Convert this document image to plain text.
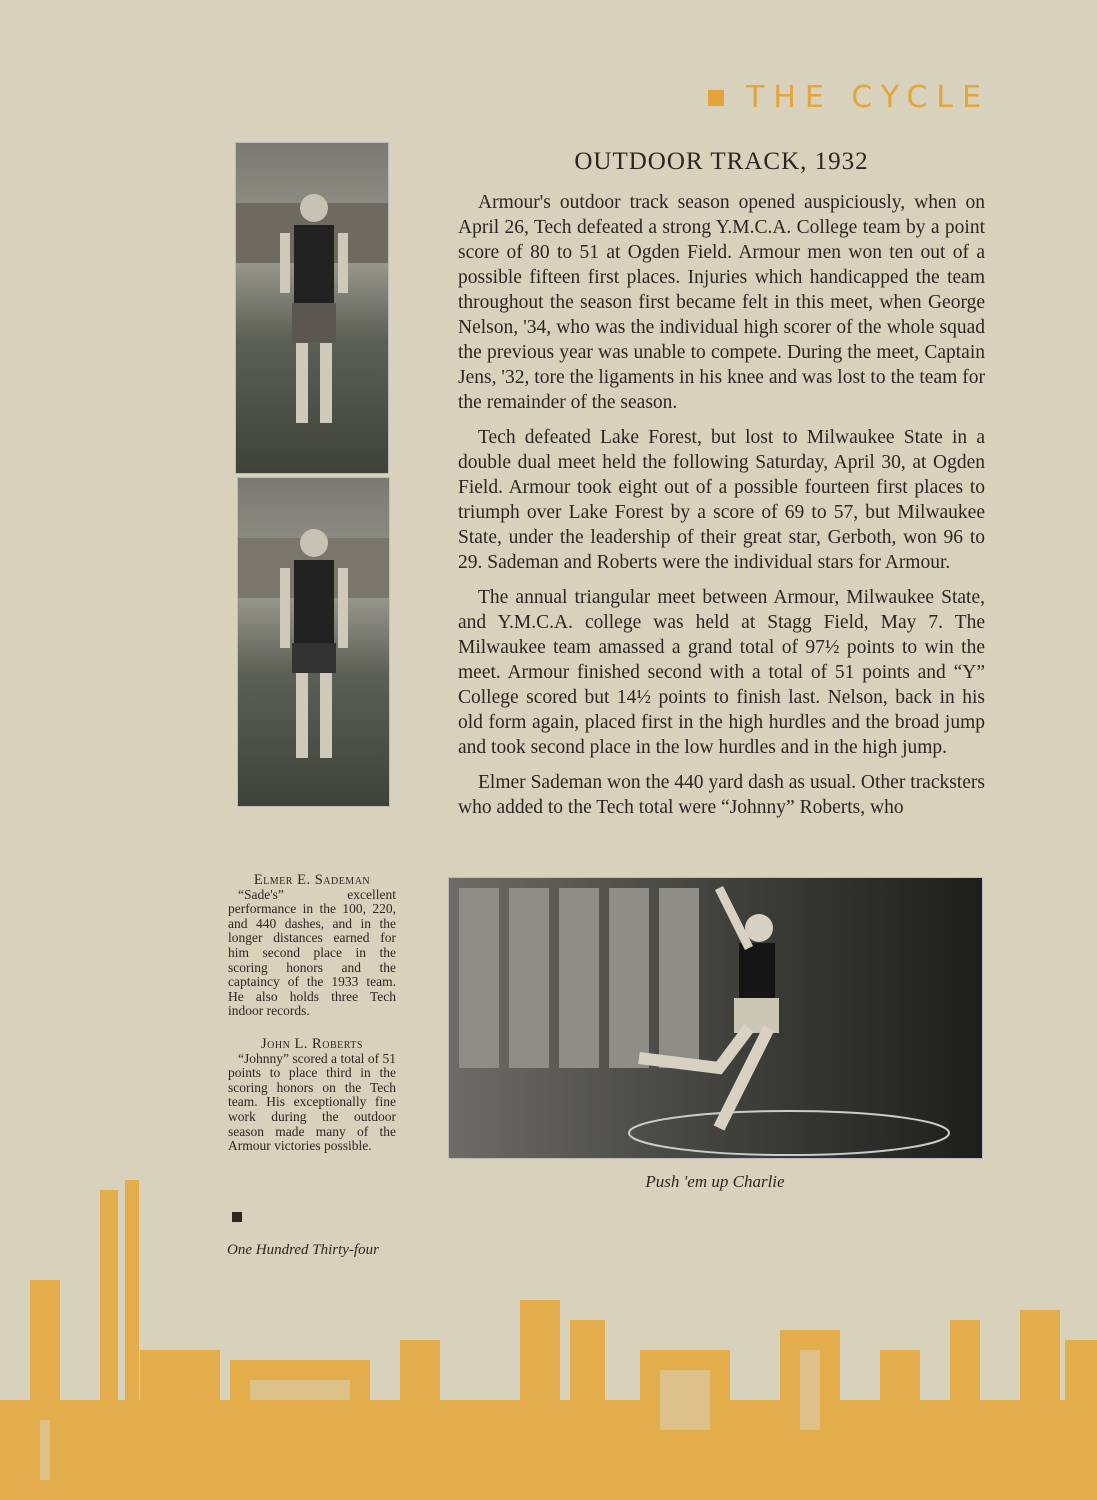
THE CYCLE
OUTDOOR TRACK, 1932

Armour's outdoor track season opened auspiciously, when on April 26, Tech defeated a strong Y.M.C.A. College team by a point score of 80 to 51 at Ogden Field. Armour men won ten out of a possible fifteen first places. Injuries which handicapped the team throughout the season first became felt in this meet, when George Nelson, '34, who was the individual high scorer of the whole squad the previous year was unable to compete. During the meet, Captain Jens, '32, tore the ligaments in his knee and was lost to the team for the remainder of the season.

Tech defeated Lake Forest, but lost to Milwaukee State in a double dual meet held the following Saturday, April 30, at Ogden Field. Armour took eight out of a possible fourteen first places to triumph over Lake Forest by a score of 69 to 57, but Milwaukee State, under the leadership of their great star, Gerboth, won 96 to 29. Sademan and Roberts were the individual stars for Armour.

The annual triangular meet between Armour, Milwaukee State, and Y.M.C.A. college was held at Stagg Field, May 7. The Milwaukee team amassed a grand total of 97½ points to win the meet. Armour finished second with a total of 51 points and “Y” College scored but 14½ points to finish last. Nelson, back in his old form again, placed first in the high hurdles and the broad jump and took second place in the low hurdles and in the high jump.

Elmer Sademan won the 440 yard dash as usual. Other tracksters who added to the Tech total were “Johnny” Roberts, who

Elmer E. Sademan

“Sade's” excellent performance in the 100, 220, and 440 dashes, and in the longer distances earned for him second place in the scoring honors and the captaincy of the 1933 team. He also holds three Tech indoor records.

John L. Roberts

“Johnny” scored a total of 51 points to place third in the scoring honors on the Tech team. His exceptionally fine work during the outdoor season made many of the Armour victories possible.

Push 'em up Charlie
One Hundred Thirty-four
